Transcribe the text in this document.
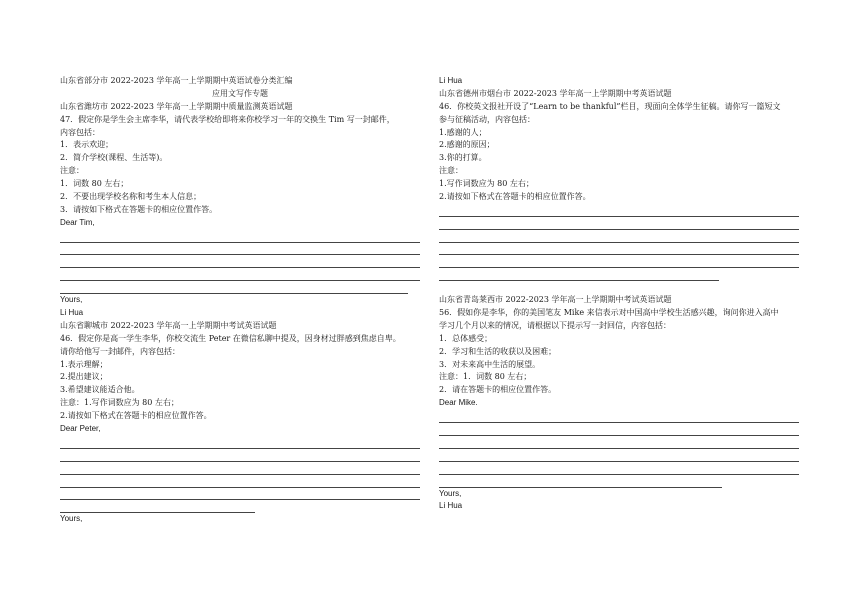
山东省部分市 2022-2023 学年高一上学期期中英语试卷分类汇编
应用文写作专题
山东省潍坊市 2022-2023 学年高一上学期期中质量监测英语试题
47．假定你是学生会主席李华，请代表学校给即将来你校学习一年的交换生 Tim 写一封邮件，
内容包括：
1．表示欢迎；
2．简介学校(课程、生活等)。
注意：
1．词数 80 左右；
2．不要出现学校名称和考生本人信息；
3．请按如下格式在答题卡的相应位置作答。
Dear Tim,
Yours,
Li Hua
山东省聊城市 2022-2023 学年高一上学期期中考试英语试题
46．假定你是高一学生李华，你校交流生 Peter 在微信私聊中提及，因身材过胖感到焦虑自卑。
请你给他写一封邮件，内容包括：
1.表示理解；
2.提出建议；
3.希望建议能适合他。
注意：1.写作词数应为 80 左右；
2.请按如下格式在答题卡的相应位置作答。
Dear Peter,
Yours,
Li Hua
山东省德州市烟台市 2022-2023 学年高一上学期期中考英语试题
46．你校英文报社开设了“Learn to be thankful”栏目，现面向全体学生征稿。请你写一篇短文
参与征稿活动，内容包括：
1.感谢的人；
2.感谢的原因；
3.你的打算。
注意：
1.写作词数应为 80 左右；
2.请按如下格式在答题卡的相应位置作答。
山东省青岛莱西市 2022-2023 学年高一上学期期中考试英语试题
56．假如你是李华，你的美国笔友 Mike 来信表示对中国高中学校生活感兴趣，询问你进入高中
学习几个月以来的情况，请根据以下提示写一封回信，内容包括：
1．总体感受；
2．学习和生活的收获以及困难；
3．对未来高中生活的展望。
注意：1．词数 80 左右；
2．请在答题卡的相应位置作答。
Dear Mike.
Yours,
Li Hua
